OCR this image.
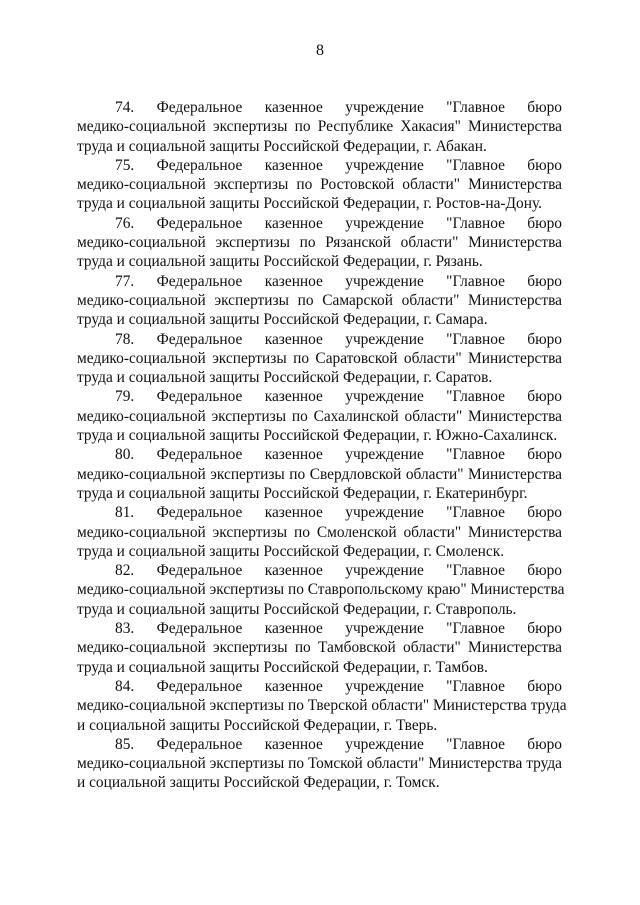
8
74. Федеральное казенное учреждение "Главное бюро
медико-социальной экспертизы по Республике Хакасия" Министерства
труда и социальной защиты Российской Федерации, г. Абакан.
75. Федеральное казенное учреждение "Главное бюро
медико-социальной экспертизы по Ростовской области" Министерства
труда и социальной защиты Российской Федерации, г. Ростов-на-Дону.
76. Федеральное казенное учреждение "Главное бюро
медико-социальной экспертизы по Рязанской области" Министерства
труда и социальной защиты Российской Федерации, г. Рязань.
77. Федеральное казенное учреждение "Главное бюро
медико-социальной экспертизы по Самарской области" Министерства
труда и социальной защиты Российской Федерации, г. Самара.
78. Федеральное казенное учреждение "Главное бюро
медико-социальной экспертизы по Саратовской области" Министерства
труда и социальной защиты Российской Федерации, г. Саратов.
79. Федеральное казенное учреждение "Главное бюро
медико-социальной экспертизы по Сахалинской области" Министерства
труда и социальной защиты Российской Федерации, г. Южно-Сахалинск.
80. Федеральное казенное учреждение "Главное бюро
медико-социальной экспертизы по Свердловской области" Министерства
труда и социальной защиты Российской Федерации, г. Екатеринбург.
81. Федеральное казенное учреждение "Главное бюро
медико-социальной экспертизы по Смоленской области" Министерства
труда и социальной защиты Российской Федерации, г. Смоленск.
82. Федеральное казенное учреждение "Главное бюро
медико-социальной экспертизы по Ставропольскому краю" Министерства
труда и социальной защиты Российской Федерации, г. Ставрополь.
83. Федеральное казенное учреждение "Главное бюро
медико-социальной экспертизы по Тамбовской области" Министерства
труда и социальной защиты Российской Федерации, г. Тамбов.
84. Федеральное казенное учреждение "Главное бюро
медико-социальной экспертизы по Тверской области" Министерства труда
и социальной защиты Российской Федерации, г. Тверь.
85. Федеральное казенное учреждение "Главное бюро
медико-социальной экспертизы по Томской области" Министерства труда
и социальной защиты Российской Федерации, г. Томск.
